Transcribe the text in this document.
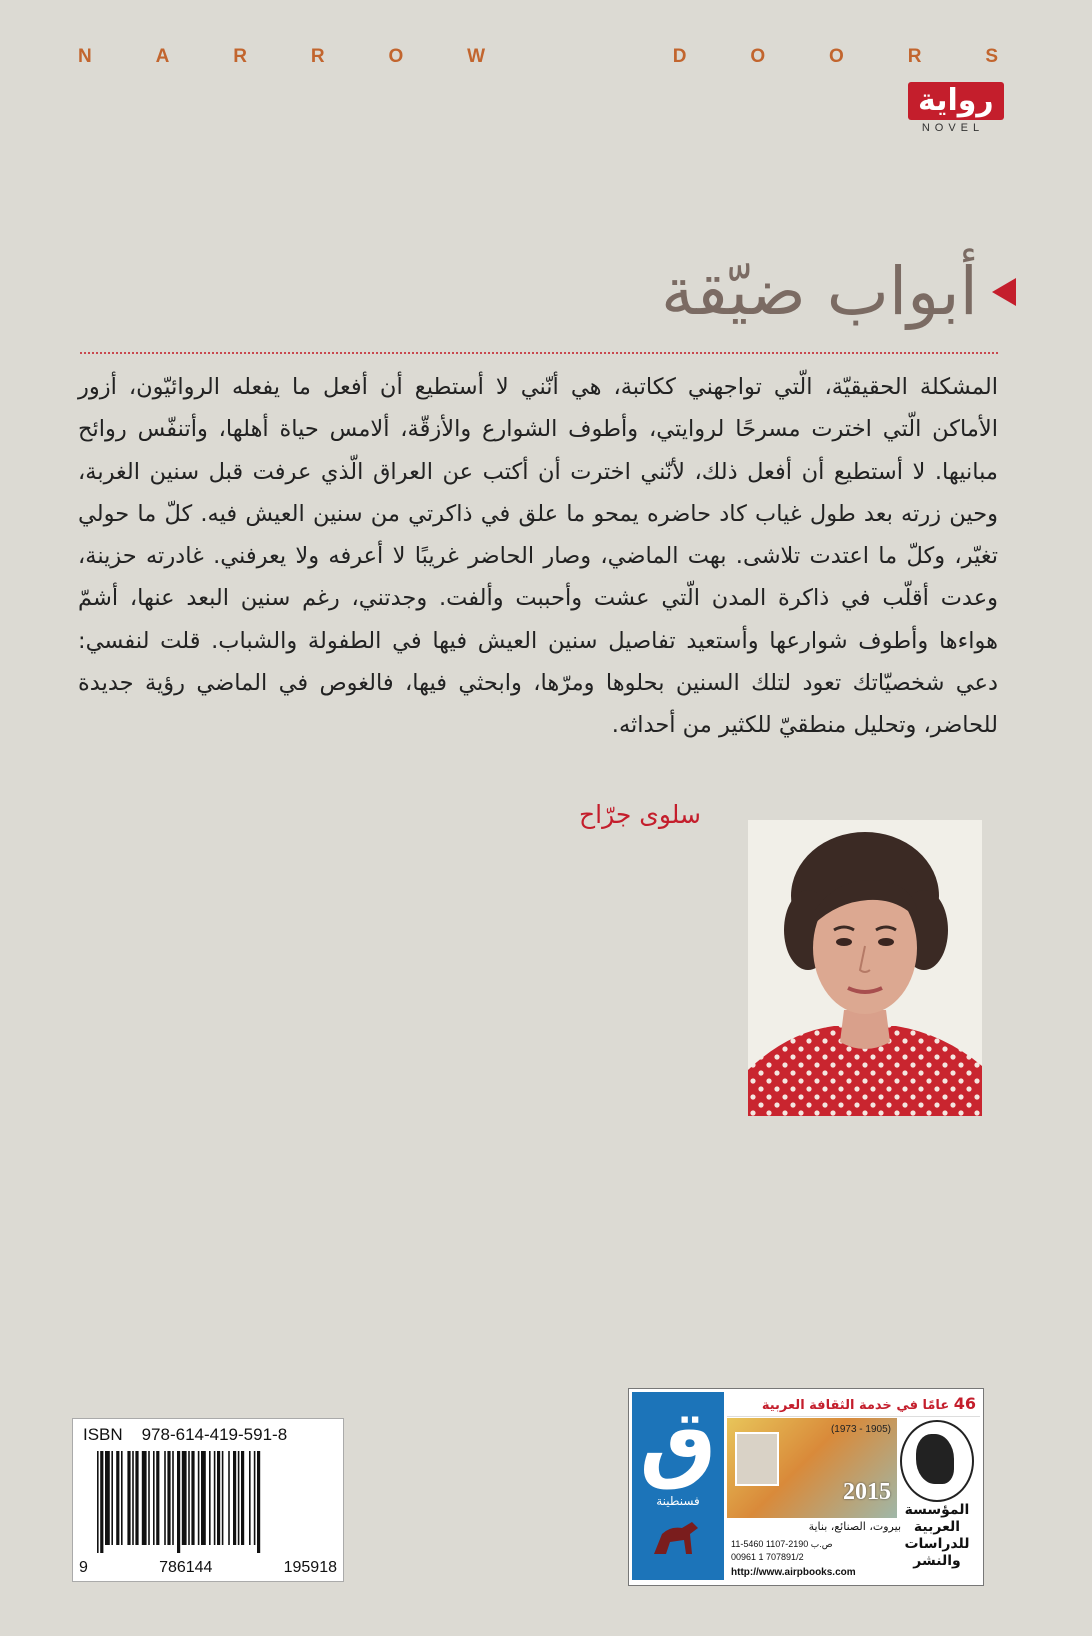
N	A	R	R	O	W	D	O	O	R	S
رواية
NOVEL
أبواب ضيّقة

المشكلة الحقيقيّة، الّتي تواجهني ككاتبة، هي أنّني لا أستطيع أن أفعل ما يفعله الروائيّون، أزور الأماكن الّتي اخترت مسرحًا لروايتي، وأطوف الشوارع والأزقّة، ألامس حياة أهلها، وأتنفّس روائح مبانيها. لا أستطيع أن أفعل ذلك، لأنّني اخترت أن أكتب عن العراق الّذي عرفت قبل سنين الغربة، وحين زرته بعد طول غياب كاد حاضره يمحو ما علق في ذاكرتي من سنين العيش فيه. كلّ ما حولي تغيّر، وكلّ ما اعتدت تلاشى. بهت الماضي، وصار الحاضر غريبًا لا أعرفه ولا يعرفني. غادرته حزينة، وعدت أقلّب في ذاكرة المدن الّتي عشت وأحببت وألفت. وجدتني، رغم سنين البعد عنها، أشمّ هواءها وأطوف شوارعها وأستعيد تفاصيل سنين العيش فيها في الطفولة والشباب. قلت لنفسي: دعي شخصيّاتك تعود لتلك السنين بحلوها ومرّها، وابحثي فيها، فالغوص في الماضي رؤية جديدة للحاضر، وتحليل منطقيّ للكثير من أحداثه.

سلوى جرّاح
ISBN 978-614-419-591-8
9	786144	195918
ق
فسنطينة
46 عامًا في خدمة الثقافة العربية
(1973 - 1905)
2015
المؤسسة
العربية
للدراسات
والنشر
بيروت، الصنائع، بناية
11-5460 ص.ب 2190-1107
00961 1 707891/2
http://www.airpbooks.com
